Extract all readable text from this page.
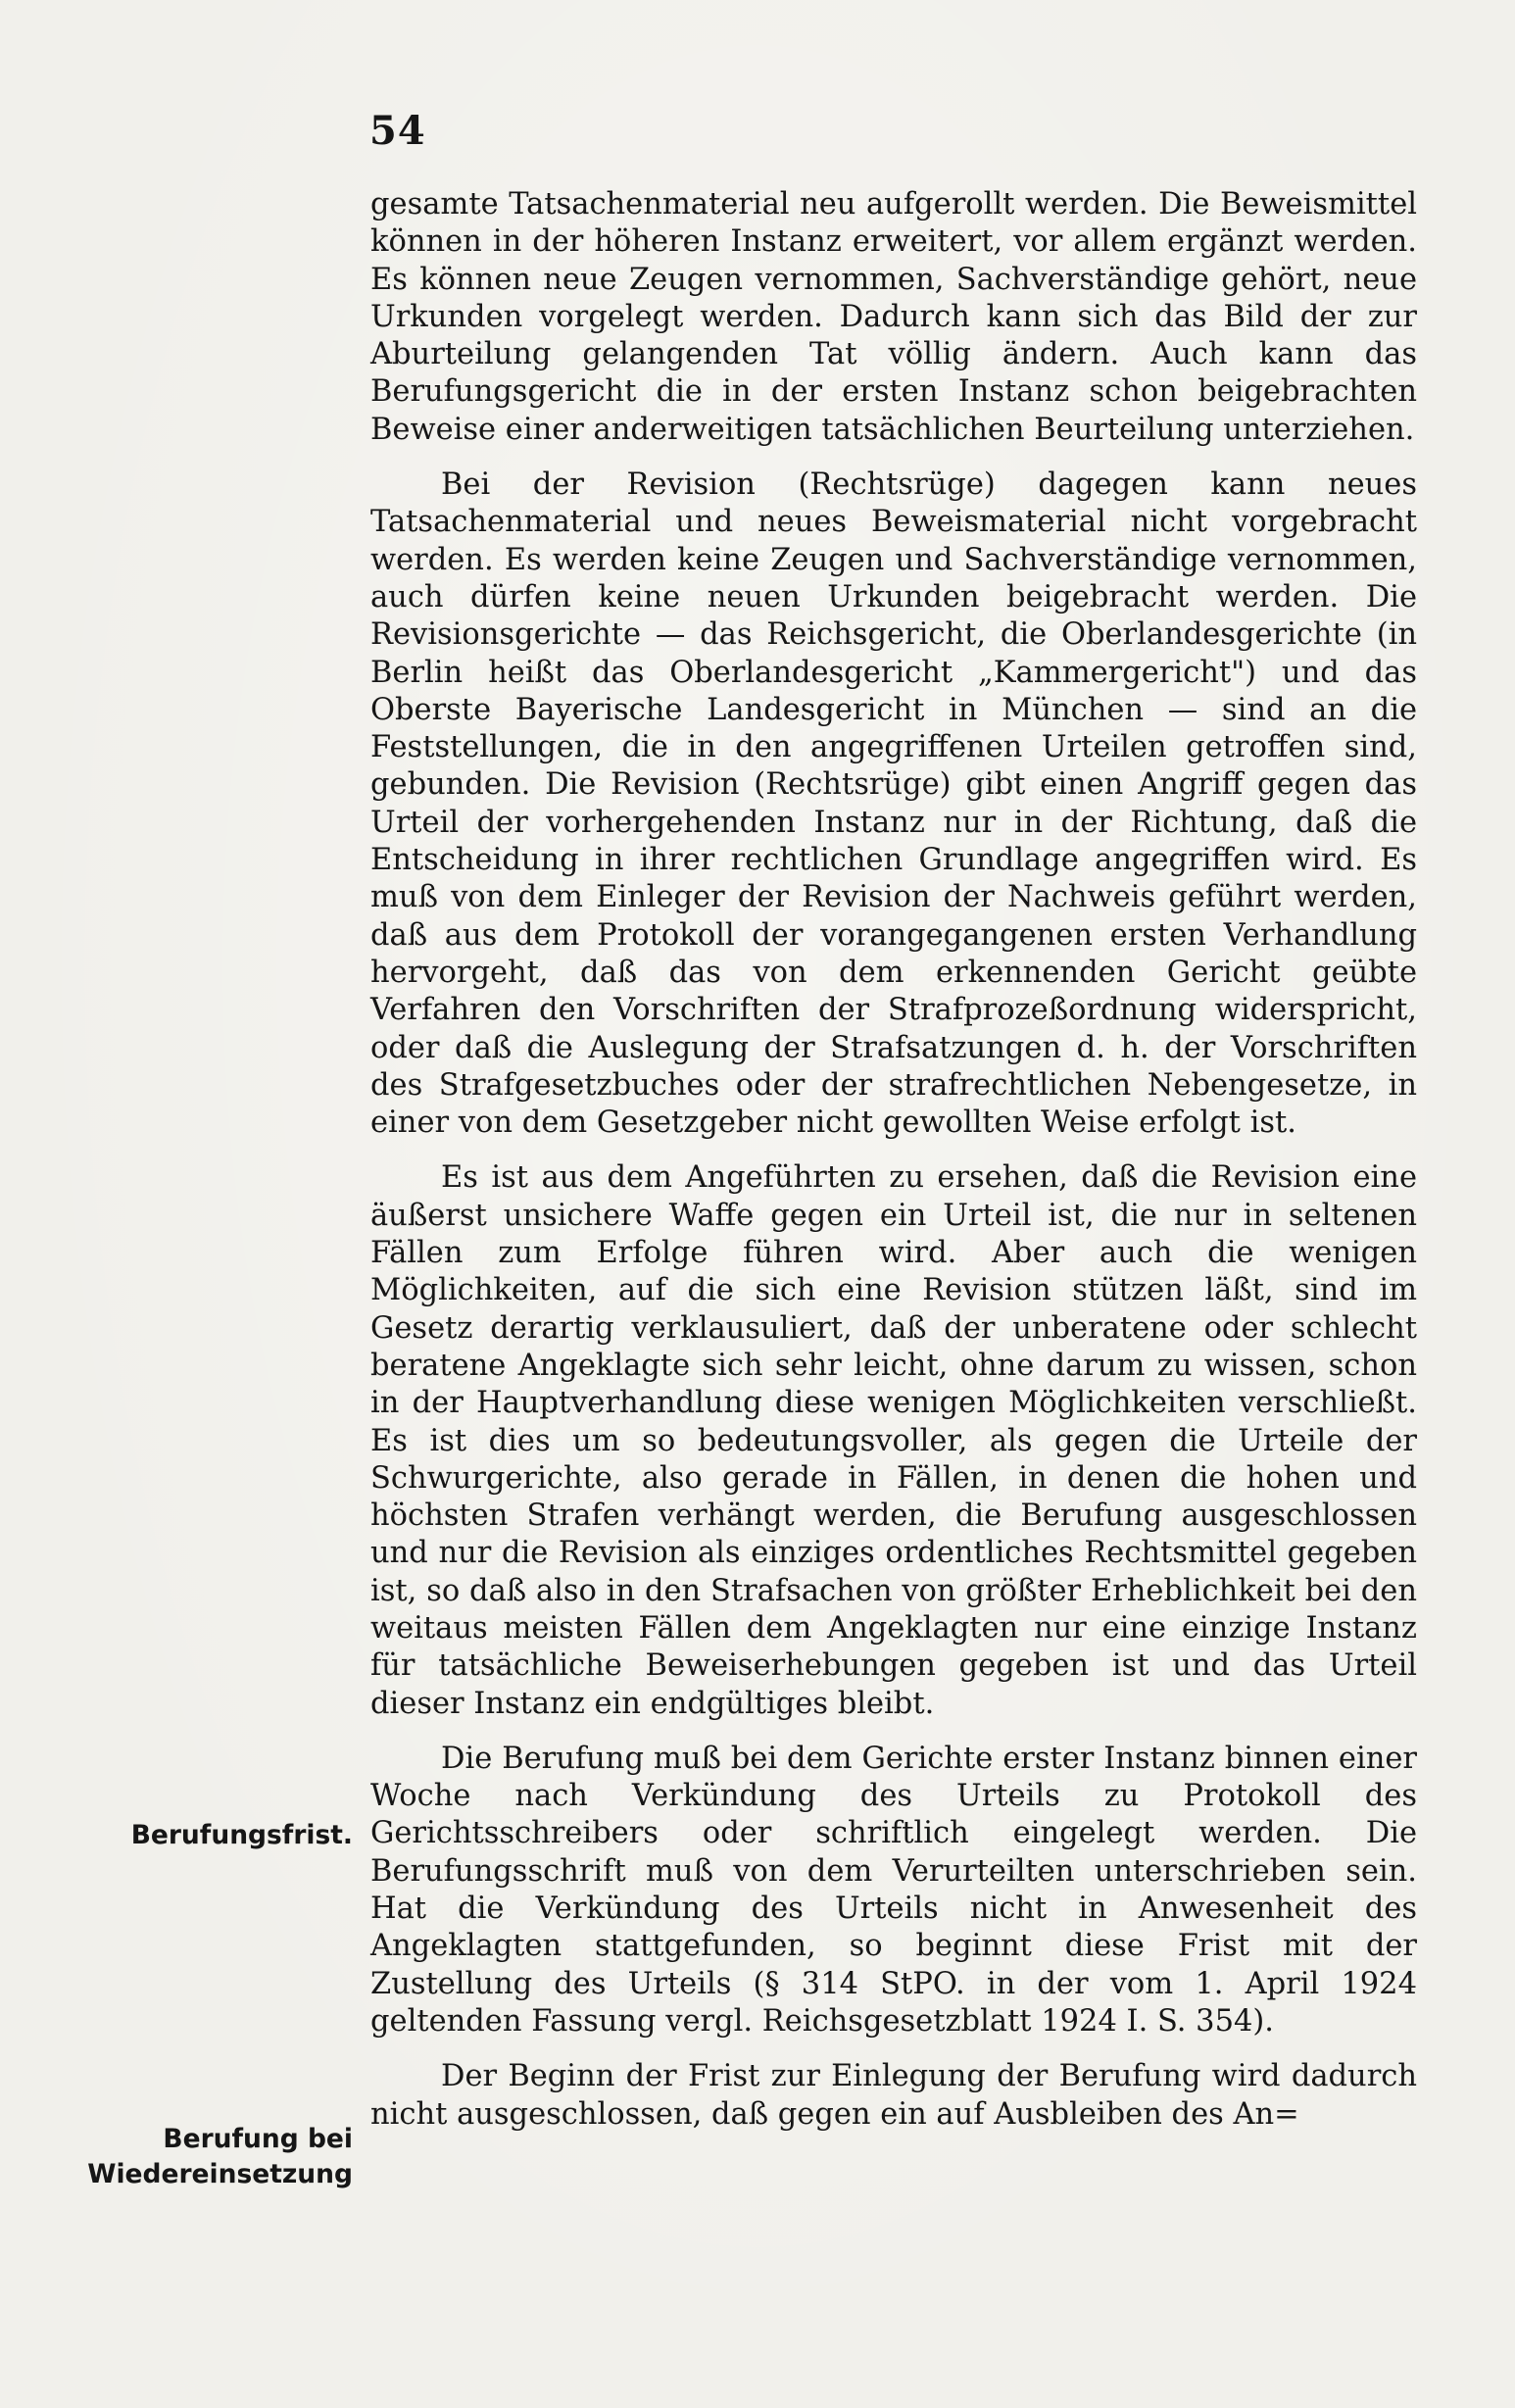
54

gesamte Tatsachenmaterial neu aufgerollt werden. Die Beweismittel können in der höheren Instanz erweitert, vor allem ergänzt werden. Es können neue Zeugen vernommen, Sachverständige gehört, neue Urkunden vorgelegt werden. Dadurch kann sich das Bild der zur Aburteilung gelangenden Tat völlig ändern. Auch kann das Berufungsgericht die in der ersten Instanz schon beigebrachten Beweise einer anderweitigen tatsächlichen Beurteilung unterziehen.

Bei der Revision (Rechtsrüge) dagegen kann neues Tatsachenmaterial und neues Beweismaterial nicht vorgebracht werden. Es werden keine Zeugen und Sachverständige vernommen, auch dürfen keine neuen Urkunden beigebracht werden. Die Revisionsgerichte — das Reichsgericht, die Oberlandesgerichte (in Berlin heißt das Oberlandesgericht „Kammergericht") und das Oberste Bayerische Landesgericht in München — sind an die Feststellungen, die in den angegriffenen Urteilen getroffen sind, gebunden. Die Revision (Rechtsrüge) gibt einen Angriff gegen das Urteil der vorhergehenden Instanz nur in der Richtung, daß die Entscheidung in ihrer rechtlichen Grundlage angegriffen wird. Es muß von dem Einleger der Revision der Nachweis geführt werden, daß aus dem Protokoll der vorangegangenen ersten Verhandlung hervorgeht, daß das von dem erkennenden Gericht geübte Verfahren den Vorschriften der Strafprozeßordnung widerspricht, oder daß die Auslegung der Strafsatzungen d. h. der Vorschriften des Strafgesetzbuches oder der strafrechtlichen Nebengesetze, in einer von dem Gesetzgeber nicht gewollten Weise erfolgt ist.

Es ist aus dem Angeführten zu ersehen, daß die Revision eine äußerst unsichere Waffe gegen ein Urteil ist, die nur in seltenen Fällen zum Erfolge führen wird. Aber auch die wenigen Möglichkeiten, auf die sich eine Revision stützen läßt, sind im Gesetz derartig verklausuliert, daß der unberatene oder schlecht beratene Angeklagte sich sehr leicht, ohne darum zu wissen, schon in der Hauptverhandlung diese wenigen Möglichkeiten verschließt. Es ist dies um so bedeutungsvoller, als gegen die Urteile der Schwurgerichte, also gerade in Fällen, in denen die hohen und höchsten Strafen verhängt werden, die Berufung ausgeschlossen und nur die Revision als einziges ordentliches Rechtsmittel gegeben ist, so daß also in den Strafsachen von größter Erheblichkeit bei den weitaus meisten Fällen dem Angeklagten nur eine einzige Instanz für tatsächliche Beweiserhebungen gegeben ist und das Urteil dieser Instanz ein endgültiges bleibt.

Die Berufung muß bei dem Gerichte erster Instanz binnen einer Woche nach Verkündung des Urteils zu Protokoll des Gerichtsschreibers oder schriftlich eingelegt werden. Die Berufungsschrift muß von dem Verurteilten unterschrieben sein. Hat die Verkündung des Urteils nicht in Anwesenheit des Angeklagten stattgefunden, so beginnt diese Frist mit der Zustellung des Urteils (§ 314 StPO. in der vom 1. April 1924 geltenden Fassung vergl. Reichsgesetzblatt 1924 I. S. 354).

Der Beginn der Frist zur Einlegung der Berufung wird dadurch nicht ausgeschlossen, daß gegen ein auf Ausbleiben des An=

Berufungsfrist.
Berufung bei
Wiedereinsetzung
